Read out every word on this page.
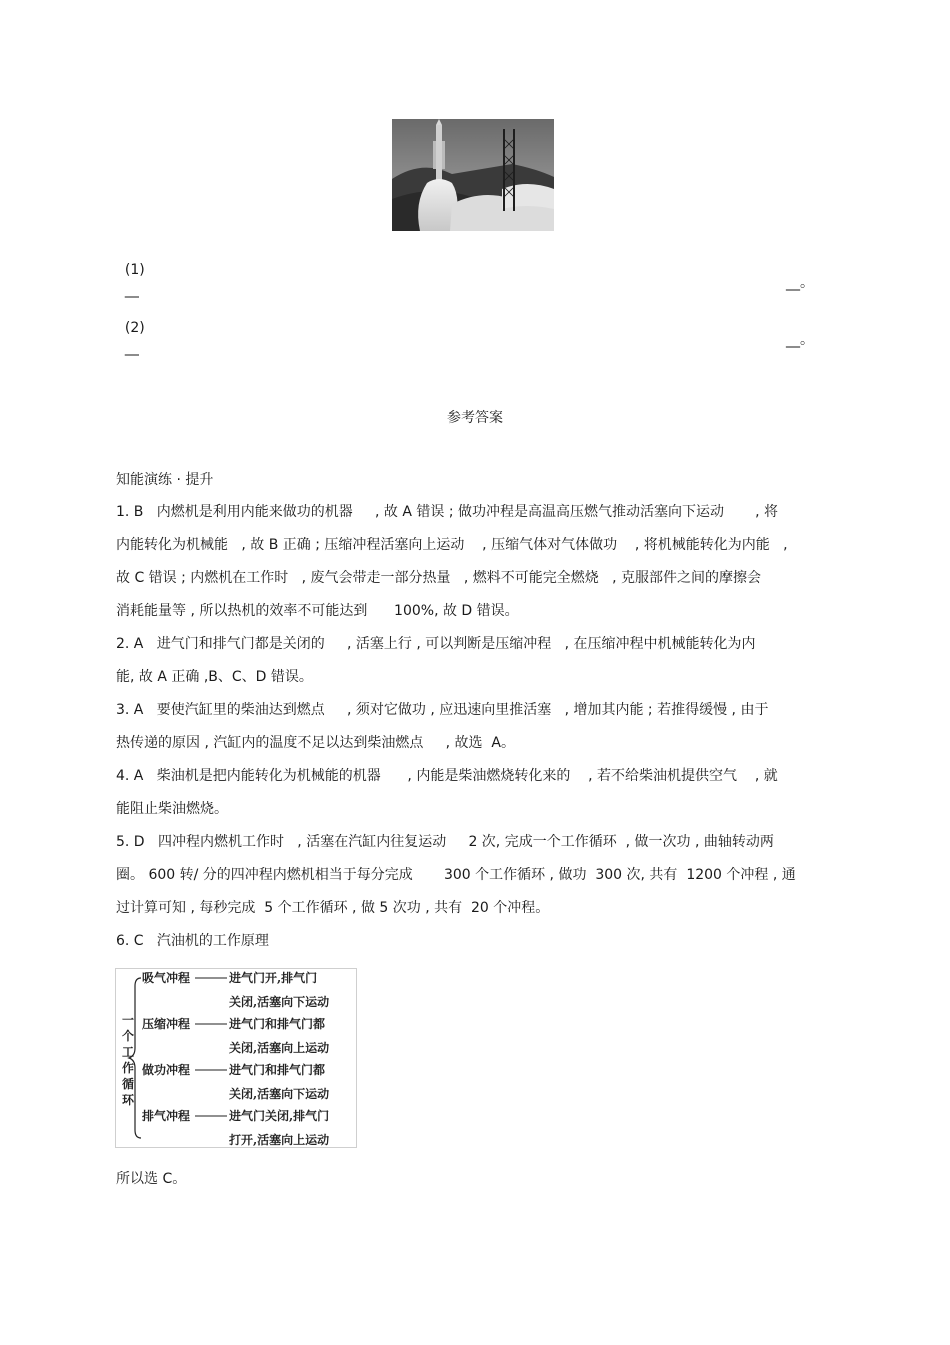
(1)
__	__。

(2)
__	__。
参考答案
知能演练 · 提升

1. B   内燃机是利用内能来做功的机器     , 故 A 错误 ; 做功冲程是高温高压燃气推动活塞向下运动       , 将

内能转化为机械能   , 故 B 正确 ; 压缩冲程活塞向上运动    , 压缩气体对气体做功    , 将机械能转化为内能   ,

故 C 错误 ; 内燃机在工作时   , 废气会带走一部分热量   , 燃料不可能完全燃烧   , 克服部件之间的摩擦会

消耗能量等 , 所以热机的效率不可能达到      100%, 故 D 错误。

2. A   进气门和排气门都是关闭的     , 活塞上行 , 可以判断是压缩冲程   , 在压缩冲程中机械能转化为内

能, 故 A 正确 ,B、C、D 错误。

3. A   要使汽缸里的柴油达到燃点     , 须对它做功 , 应迅速向里推活塞   , 增加其内能 ; 若推得缓慢 , 由于

热传递的原因 , 汽缸内的温度不足以达到柴油燃点     , 故选  A。

4. A   柴油机是把内能转化为机械能的机器      , 内能是柴油燃烧转化来的    , 若不给柴油机提供空气    , 就

能阻止柴油燃烧。

5. D   四冲程内燃机工作时   , 活塞在汽缸内往复运动     2 次, 完成一个工作循环  , 做一次功 , 曲轴转动两

圈。 600 转/ 分的四冲程内燃机相当于每分完成       300 个工作循环 , 做功  300 次, 共有  1200 个冲程 , 通

过计算可知 , 每秒完成  5 个工作循环 , 做 5 次功 , 共有  20 个冲程。

6. C   汽油机的工作原理

一
个
工
作
循
环
吸气冲程	进气门开,排气门
关闭,活塞向下运动
压缩冲程	进气门和排气门都
关闭,活塞向上运动
做功冲程	进气门和排气门都
关闭,活塞向下运动
排气冲程	进气门关闭,排气门
打开,活塞向上运动
所以选 C。
